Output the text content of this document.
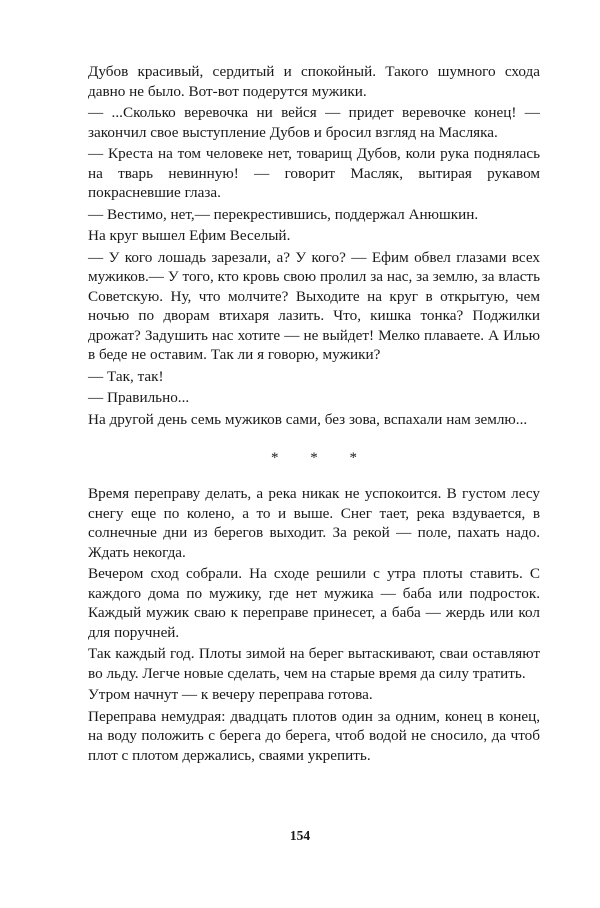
Дубов красивый, сердитый и спокойный. Такого шумного схода давно не было. Вот-вот подерутся мужики.

— ...Сколько веревочка ни вейся — придет веревочке конец! — закончил свое выступление Дубов и бросил взгляд на Масляка.

— Креста на том человеке нет, товарищ Дубов, коли рука поднялась на тварь невинную! — говорит Масляк, вытирая рукавом покрасневшие глаза.

— Вестимо, нет,— перекрестившись, поддержал Анюшкин.

На круг вышел Ефим Веселый.

— У кого лошадь зарезали, а? У кого? — Ефим обвел глазами всех мужиков.— У того, кто кровь свою пролил за нас, за землю, за власть Советскую. Ну, что молчите? Выходите на круг в открытую, чем ночью по дворам втихаря лазить. Что, кишка тонка? Поджилки дрожат? Задушить нас хотите — не выйдет! Мелко плаваете. А Илью в беде не оставим. Так ли я говорю, мужики?

— Так, так!

— Правильно...

На другой день семь мужиков сами, без зова, вспахали нам землю...

* * *

Время переправу делать, а река никак не успокоится. В густом лесу снегу еще по колено, а то и выше. Снег тает, река вздувается, в солнечные дни из берегов выходит. За рекой — поле, пахать надо. Ждать некогда.

Вечером сход собрали. На сходе решили с утра плоты ставить. С каждого дома по мужику, где нет мужика — баба или подросток. Каждый мужик сваю к переправе принесет, а баба — жердь или кол для поручней.

Так каждый год. Плоты зимой на берег вытаскивают, сваи оставляют во льду. Легче новые сделать, чем на старые время да силу тратить.

Утром начнут — к вечеру переправа готова.

Переправа немудрая: двадцать плотов один за одним, конец в конец, на воду положить с берега до берега, чтоб водой не сносило, да чтоб плот с плотом держались, сваями укрепить.

154
